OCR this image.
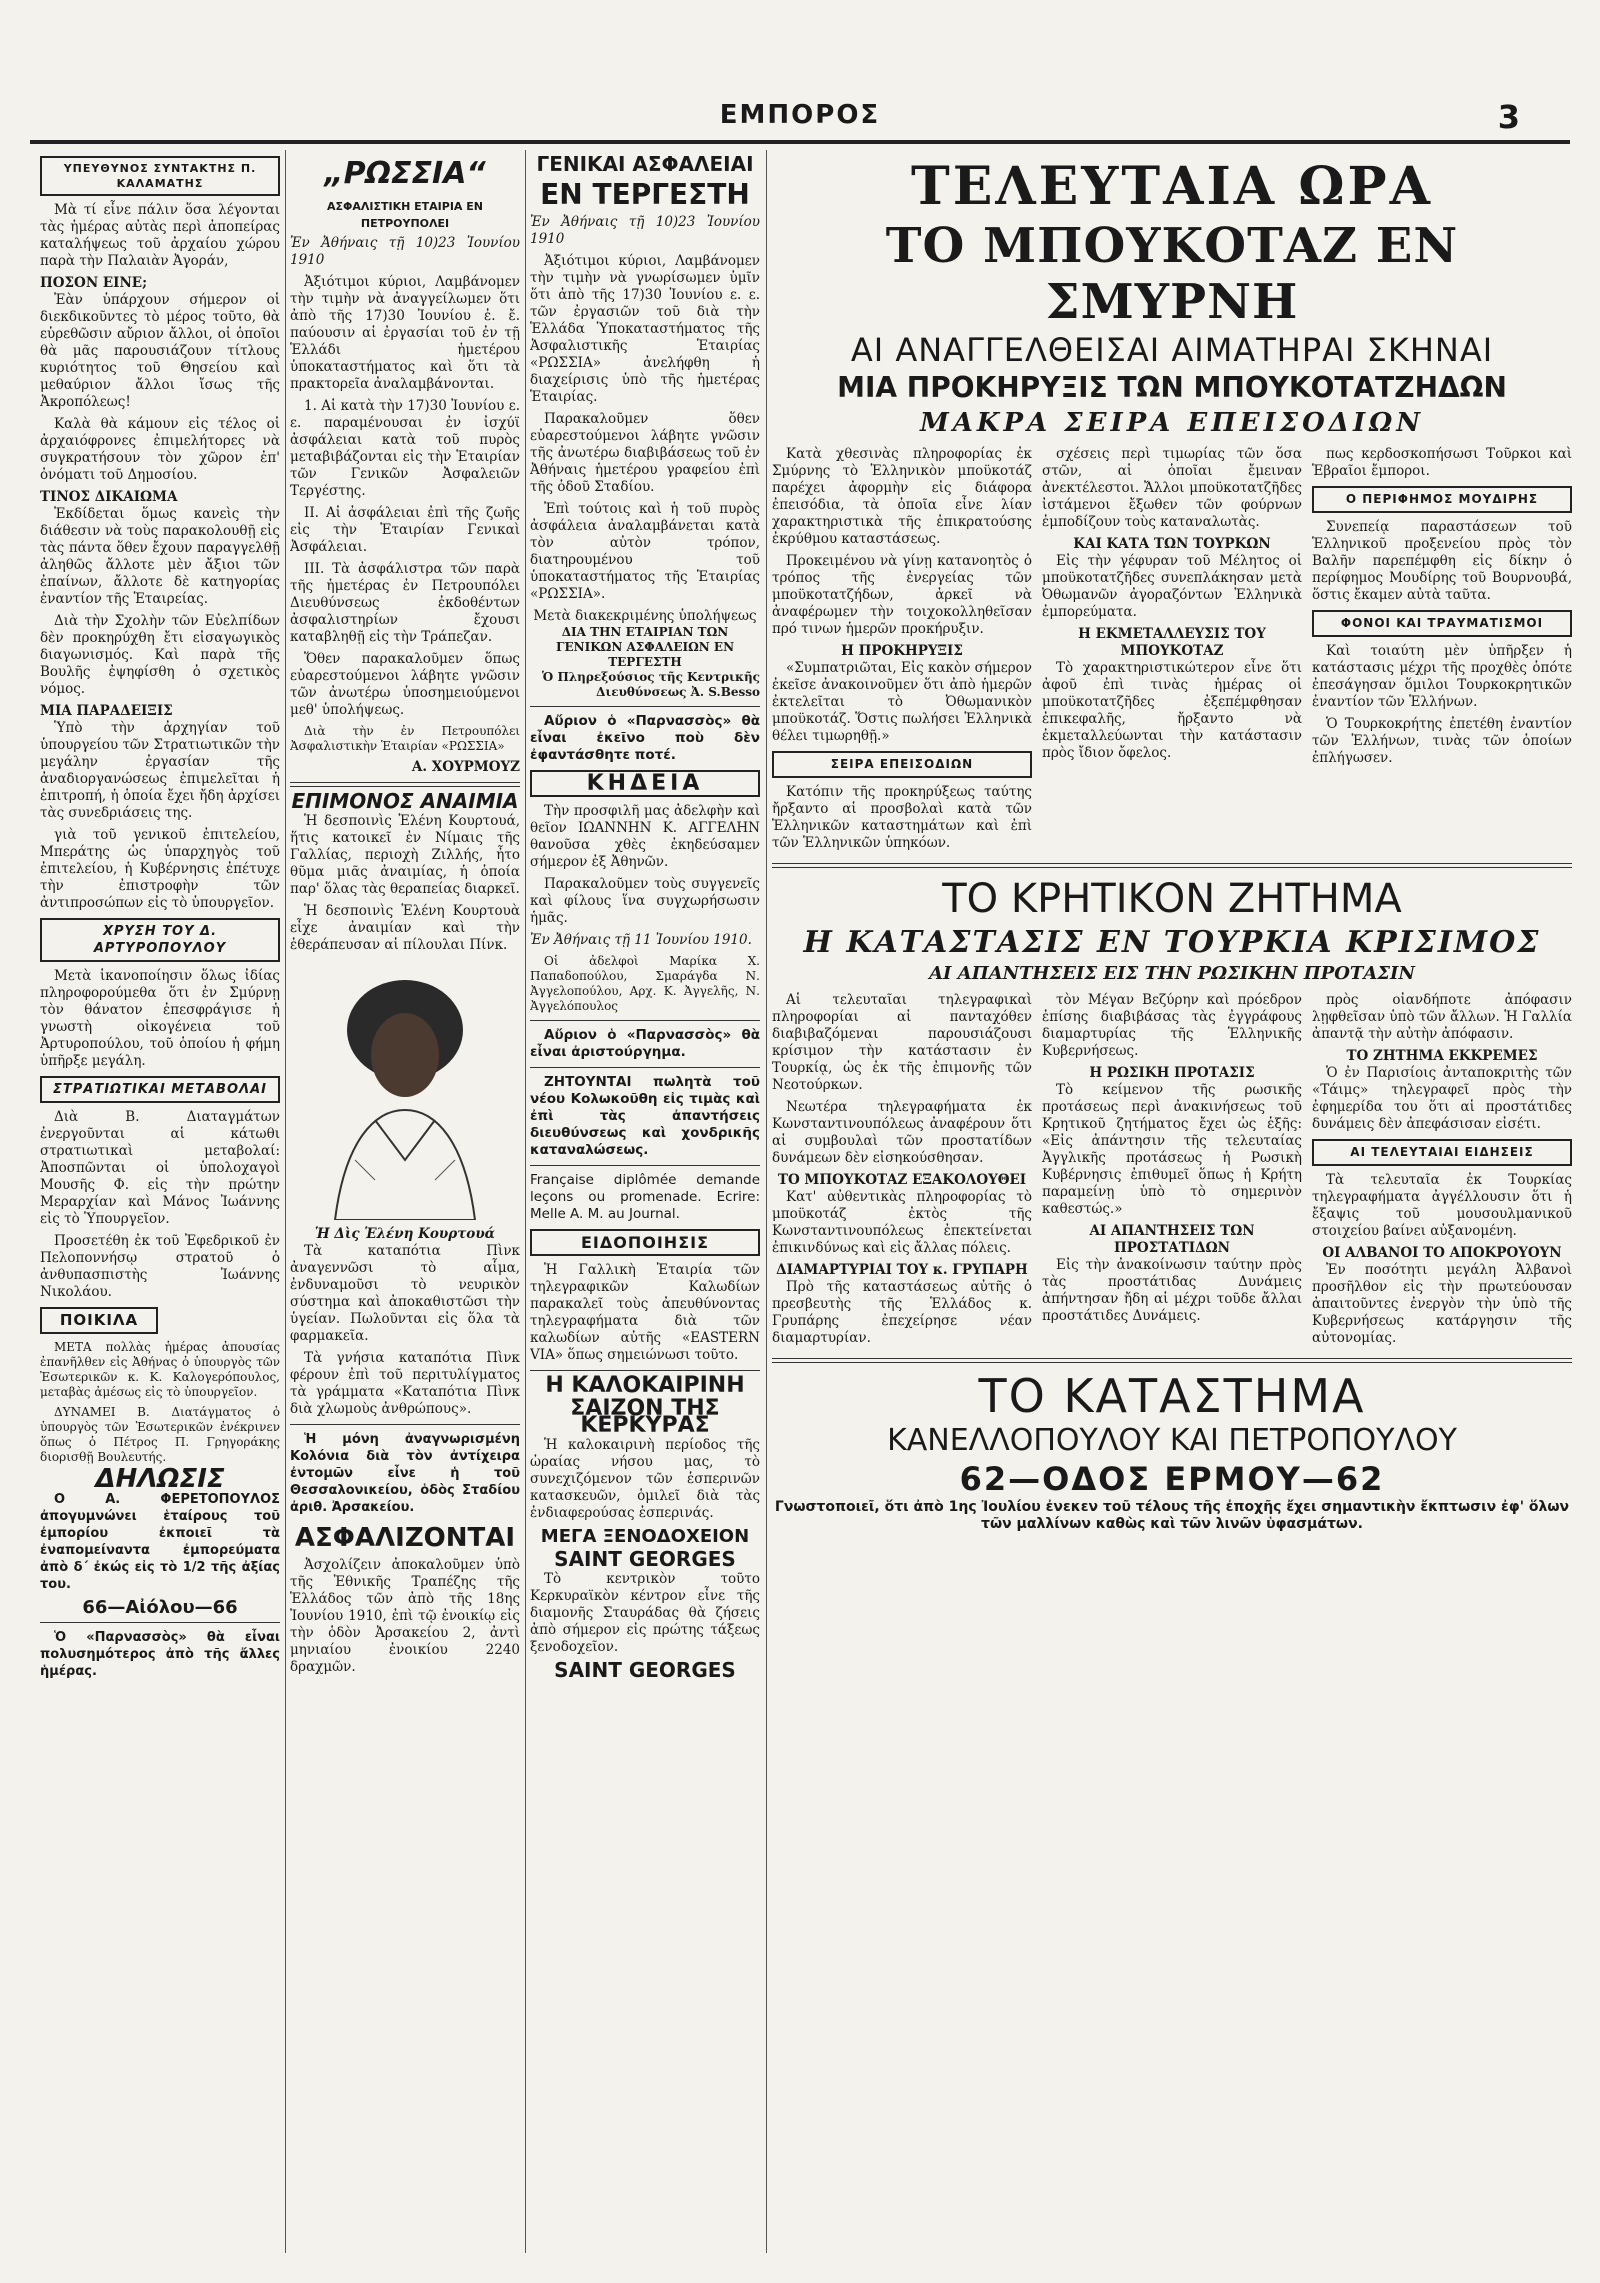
ΕΜΠΟΡΟΣ	3
ΥΠΕΥΘΥΝΟΣ ΣΥΝΤΑΚΤΗΣ Π. ΚΑΛΑΜΑΤΗΣ

Μὰ τί εἶνε πάλιν ὅσα λέγονται τὰς ἡμέρας αὐτὰς περὶ ἀποπείρας καταλήψεως τοῦ ἀρχαίου χώρου παρὰ τὴν Παλαιὰν Ἀγοράν,

ΠΟΣΟΝ ΕΙΝΕ;

Ἐὰν ὑπάρχουν σήμερον οἱ διεκδικοῦντες τὸ μέρος τοῦτο, θὰ εὑρεθῶσιν αὔριον ἄλλοι, οἱ ὁποῖοι θὰ μᾶς παρουσιάζουν τίτλους κυριότητος τοῦ Θησείου καὶ μεθαύριον ἄλλοι ἴσως τῆς Ἀκροπόλεως!

Καλὰ θὰ κάμουν εἰς τέλος οἱ ἀρχαιόφρονες ἐπιμελήτορες νὰ συγκρατήσουν τὸν χῶρον ἐπ' ὀνόματι τοῦ Δημοσίου.

ΤΙΝΟΣ ΔΙΚΑΙΩΜΑ

Ἐκδίδεται ὅμως κανεὶς τὴν διάθεσιν νὰ τοὺς παρακολουθῇ εἰς τὰς πάντα ὅθεν ἔχουν παραγγελθῇ ἀληθῶς ἄλλοτε μὲν ἄξιοι τῶν ἐπαίνων, ἄλλοτε δὲ κατηγορίας ἐναντίον τῆς Ἑταιρείας.

Διὰ τὴν Σχολὴν τῶν Εὐελπίδων δὲν προκηρύχθη ἔτι εἰσαγωγικὸς διαγωνισμός. Καὶ παρὰ τῆς Βουλῆς ἐψηφίσθη ὁ σχετικὸς νόμος.

ΜΙΑ ΠΑΡΑΔΕΙΞΙΣ

Ὑπὸ τὴν ἀρχηγίαν τοῦ ὑπουργείου τῶν Στρατιωτικῶν τὴν μεγάλην ἐργασίαν τῆς ἀναδιοργανώσεως ἐπιμελεῖται ἡ ἐπιτροπή, ἡ ὁποία ἔχει ἤδη ἀρχίσει τὰς συνεδριάσεις της.

γιὰ τοῦ γενικοῦ ἐπιτελείου, Μπεράτης ὡς ὑπαρχηγὸς τοῦ ἐπιτελείου, ἡ Κυβέρνησις ἐπέτυχε τὴν ἐπιστροφὴν τῶν ἀντιπροσώπων εἰς τὸ ὑπουργεῖον.

ΧΡΥΣΗ ΤΟΥ Δ. ΑΡΤΥΡΟΠΟΥΛΟΥ

Μετὰ ἱκανοποίησιν ὅλως ἰδίας πληροφορούμεθα ὅτι ἐν Σμύρνῃ τὸν θάνατον ἐπεσφράγισε ἡ γνωστὴ οἰκογένεια τοῦ Ἀρτυροπούλου, τοῦ ὁποίου ἡ φήμη ὑπῆρξε μεγάλη.

ΣΤΡΑΤΙΩΤΙΚΑΙ ΜΕΤΑΒΟΛΑΙ

Διὰ Β. Διαταγμάτων ἐνεργοῦνται αἱ κάτωθι στρατιωτικαὶ μεταβολαί: Ἀποσπῶνται οἱ ὑπολοχαγοὶ Μουσῆς Φ. εἰς τὴν πρώτην Μεραρχίαν καὶ Μάνος Ἰωάννης εἰς τὸ Ὑπουργεῖον.

Προσετέθη ἐκ τοῦ Ἐφεδρικοῦ ἐν Πελοποννήσῳ στρατοῦ ὁ ἀνθυπασπιστὴς Ἰωάννης Νικολάου.

ΠΟΙΚΙΛΑ

ΜΕΤΑ πολλὰς ἡμέρας ἀπουσίας ἐπανῆλθεν εἰς Ἀθήνας ὁ ὑπουργὸς τῶν Ἐσωτερικῶν κ. Κ. Καλογερόπουλος, μεταβὰς ἀμέσως εἰς τὸ ὑπουργεῖον.

ΔΥΝΑΜΕΙ Β. Διατάγματος ὁ ὑπουργὸς τῶν Ἐσωτερικῶν ἐνέκρινεν ὅπως ὁ Πέτρος Π. Γρηγοράκης διορισθῇ Βουλευτής.

ΔΗΛΩΣΙΣ

Ο Α. ΦΕΡΕΤΟΠΟΥΛΟΣ ἀπογυμνώνει ἑταίρους τοῦ ἐμπορίου ἐκποιεῖ τὰ ἐναπομείναντα ἐμπορεύματα ἀπὸ δ΄ ἐκώς εἰς τὸ 1/2 τῆς ἀξίας του.

66—Αἰόλου—66

Ὁ «Παρνασσὸς» θὰ εἶναι πολυσημότερος ἀπὸ τῆς ἄλλες ἡμέρας.

„ΡΩΣΣΙΑ“
ΑΣΦΑΛΙΣΤΙΚΗ ΕΤΑΙΡΙΑ ΕΝ ΠΕΤΡΟΥΠΟΛΕΙ

Ἐν Ἀθήναις τῇ 10)23 Ἰουνίου 1910

Ἀξιότιμοι κύριοι, Λαμβάνομεν τὴν τιμὴν νὰ ἀναγγείλωμεν ὅτι ἀπὸ τῆς 17)30 Ἰουνίου ἐ. ἔ. παύουσιν αἱ ἐργασίαι τοῦ ἐν τῇ Ἑλλάδι ἡμετέρου ὑποκαταστήματος καὶ ὅτι τὰ πρακτορεῖα ἀναλαμβάνονται.

1. Αἱ κατὰ τὴν 17)30 Ἰουνίου ε. ε. παραμένουσαι ἐν ἰσχύϊ ἀσφάλειαι κατὰ τοῦ πυρὸς μεταβιβάζονται εἰς τὴν Ἑταιρίαν τῶν Γενικῶν Ἀσφαλειῶν Τεργέστης.

II. Αἱ ἀσφάλειαι ἐπὶ τῆς ζωῆς εἰς τὴν Ἑταιρίαν Γενικαὶ Ἀσφάλειαι.

III. Τὰ ἀσφάλιστρα τῶν παρὰ τῆς ἡμετέρας ἐν Πετρουπόλει Διευθύνσεως ἐκδοθέντων ἀσφαλιστηρίων ἔχουσι καταβληθῇ εἰς τὴν Τράπεζαν.

Ὅθεν παρακαλοῦμεν ὅπως εὐαρεστούμενοι λάβητε γνῶσιν τῶν ἀνωτέρω ὑποσημειούμενοι μεθ' ὑπολήψεως.

Διὰ τὴν ἐν Πετρουπόλει Ἀσφαλιστικὴν Ἑταιρίαν «ΡΩΣΣΙΑ»

Α. ΧΟΥΡΜΟΥΖ
ΕΠΙΜΟΝΟΣ ΑΝΑΙΜΙΑ

Ἡ δεσποινὶς Ἑλένη Κουρτουά, ἥτις κατοικεῖ ἐν Νίμαις τῆς Γαλλίας, περιοχὴ Ζιλλής, ἦτο θῦμα μιᾶς ἀναιμίας, ἡ ὁποία παρ' ὅλας τὰς θεραπείας διαρκεῖ.

Ἡ δεσποινὶς Ἑλένη Κουρτουὰ εἶχε ἀναιμίαν καὶ τὴν ἐθεράπευσαν αἱ πίλουλαι Πίνκ.

Ἡ Δὶς Ἑλένη Κουρτουά

Τὰ καταπότια Πὶνκ ἀναγεννῶσι τὸ αἷμα, ἐνδυναμοῦσι τὸ νευρικὸν σύστημα καὶ ἀποκαθιστῶσι τὴν ὑγείαν. Πωλοῦνται εἰς ὅλα τὰ φαρμακεῖα.

Τὰ γνήσια καταπότια Πὶνκ φέρουν ἐπὶ τοῦ περιτυλίγματος τὰ γράμματα «Καταπότια Πὶνκ διὰ χλωμοὺς ἀνθρώπους».

Ἡ μόνη ἀναγνωρισμένη Κολόνια διὰ τὸν ἀντίχειρα ἐντομῶν εἶνε ἡ τοῦ Θεσσαλονικείου, ὁδὸς Σταδίου ἀριθ. Ἀρσακείου.

ΑΣΦΑΛΙΖΟΝΤΑΙ

Ἀσχολίζειν ἀποκαλοῦμεν ὑπὸ τῆς Ἐθνικῆς Τραπέζης τῆς Ἑλλάδος τῶν ἀπὸ τῆς 18ης Ἰουνίου 1910, ἐπὶ τῷ ἐνοικίῳ εἰς τὴν ὁδὸν Ἀρσακείου 2, ἀντὶ μηνιαίου ἐνοικίου 2240 δραχμῶν.

ΓΕΝΙΚΑΙ ΑΣΦΑΛΕΙΑΙ
ΕΝ ΤΕΡΓΕΣΤΗ

Ἐν Ἀθήναις τῇ 10)23 Ἰουνίου 1910

Ἀξιότιμοι κύριοι, Λαμβάνομεν τὴν τιμὴν νὰ γνωρίσωμεν ὑμῖν ὅτι ἀπὸ τῆς 17)30 Ἰουνίου ε. ε. τῶν ἐργασιῶν τοῦ διὰ τὴν Ἑλλάδα Ὑποκαταστήματος τῆς Ἀσφαλιστικῆς Ἑταιρίας «ΡΩΣΣΙΑ» ἀνελήφθη ἡ διαχείρισις ὑπὸ τῆς ἡμετέρας Ἑταιρίας.

Παρακαλοῦμεν ὅθεν εὐαρεστούμενοι λάβητε γνῶσιν τῆς ἀνωτέρω διαβιβάσεως τοῦ ἐν Ἀθήναις ἡμετέρου γραφείου ἐπὶ τῆς ὁδοῦ Σταδίου.

Ἐπὶ τούτοις καὶ ἡ τοῦ πυρὸς ἀσφάλεια ἀναλαμβάνεται κατὰ τὸν αὐτὸν τρόπον, διατηρουμένου τοῦ ὑποκαταστήματος τῆς Ἑταιρίας «ΡΩΣΣΙΑ».

Μετὰ διακεκριμένης ὑπολήψεως
ΔΙΑ ΤΗΝ ΕΤΑΙΡΙΑΝ ΤΩΝ ΓΕΝΙΚΩΝ ΑΣΦΑΛΕΙΩΝ ΕΝ ΤΕΡΓΕΣΤΗ
Ὁ Πληρεξούσιος τῆς Κεντρικῆς Διευθύνσεως Ἀ. S.Besso

Αὔριον ὁ «Παρνασσὸς» θὰ εἶναι ἐκεῖνο ποὺ δὲν ἐφαντάσθητε ποτέ.

ΚΗΔΕΙΑ

Τὴν προσφιλῆ μας ἀδελφὴν καὶ θεῖον ΙΩΑΝΝΗΝ Κ. ΑΓΓΕΛΗΝ θανοῦσα χθὲς ἐκηδεύσαμεν σήμερον ἐξ Ἀθηνῶν.

Παρακαλοῦμεν τοὺς συγγενεῖς καὶ φίλους ἵνα συγχωρήσωσιν ἡμᾶς.

Ἐν Ἀθήναις τῇ 11 Ἰουνίου 1910.

Οἱ ἀδελφοὶ Μαρίκα Χ. Παπαδοπούλου, Σμαράγδα Ν. Ἀγγελοπούλου, Αρχ. Κ. Ἀγγελῆς, Ν. Ἀγγελόπουλος

Αὔριον ὁ «Παρνασσὸς» θὰ εἶναι ἀριστούργημα.

ΖΗΤΟΥΝΤΑΙ πωλητὰ τοῦ νέου Κολωκοῦθη εἰς τιμὰς καὶ ἐπὶ τὰς ἀπαντήσεις διευθύνσεως καὶ χονδρικῆς καταναλώσεως.

Française diplômée demande leçons ou promenade. Ecrire: Melle A. M. au Journal.

ΕΙΔΟΠΟΙΗΣΙΣ

Ἡ Γαλλικὴ Ἑταιρία τῶν τηλεγραφικῶν Καλωδίων παρακαλεῖ τοὺς ἀπευθύνοντας τηλεγραφήματα διὰ τῶν καλωδίων αὐτῆς «EASTERN VIA» ὅπως σημειώνωσι τοῦτο.

Η ΚΑΛΟΚΑΙΡΙΝΗ
ΣΑΙΖΟΝ ΤΗΣ ΚΕΡΚΥΡΑΣ

Ἡ καλοκαιρινὴ περίοδος τῆς ὡραίας νήσου μας, τὸ συνεχιζόμενον τῶν ἑσπερινῶν κατασκευῶν, ὁμιλεῖ διὰ τὰς ἐνδιαφερούσας ἑσπερινάς.

ΜΕΓΑ ΞΕΝΟΔΟΧΕΙΟΝ
SAINT GEORGES

Τὸ κεντρικὸν τοῦτο Κερκυραϊκὸν κέντρον εἶνε τῆς διαμονῆς Σταυράδας θὰ ζήσεις ἀπὸ σήμερον εἰς πρώτης τάξεως ξενοδοχεῖον.

SAINT GEORGES
ΤΕΛΕΥΤΑΙΑ ΩΡΑ
ΤΟ ΜΠΟΥΚΟΤΑΖ ΕΝ ΣΜΥΡΝΗ
ΑΙ ΑΝΑΓΓΕΛΘΕΙΣΑΙ ΑΙΜΑΤΗΡΑΙ ΣΚΗΝΑΙ
ΜΙΑ ΠΡΟΚΗΡΥΞΙΣ ΤΩΝ ΜΠΟΥΚΟΤΑΤΖΗΔΩΝ
ΜΑΚΡΑ ΣΕΙΡΑ ΕΠΕΙΣΟΔΙΩΝ

Κατὰ χθεσινὰς πληροφορίας ἐκ Σμύρνης τὸ Ἑλληνικὸν μποϋκοτάζ παρέχει ἀφορμὴν εἰς διάφορα ἐπεισόδια, τὰ ὁποῖα εἶνε λίαν χαρακτηριστικὰ τῆς ἐπικρατούσης ἐκρύθμου καταστάσεως.

Προκειμένου νὰ γίνῃ κατανοητὸς ὁ τρόπος τῆς ἐνεργείας τῶν μποϋκοτατζήδων, ἀρκεῖ νὰ ἀναφέρωμεν τὴν τοιχοκολληθεῖσαν πρό τινων ἡμερῶν προκήρυξιν.

Η ΠΡΟΚΗΡΥΞΙΣ

«Συμπατριῶται, Εἰς κακὸν σήμερον ἐκεῖσε ἀνακοινοῦμεν ὅτι ἀπὸ ἡμερῶν ἐκτελεῖται τὸ Ὀθωμανικὸν μποϋκοτάζ. Ὅστις πωλήσει Ἑλληνικὰ θέλει τιμωρηθῇ.»

ΣΕΙΡΑ ΕΠΕΙΣΟΔΙΩΝ

Κατόπιν τῆς προκηρύξεως ταύτης ἤρξαντο αἱ προσβολαὶ κατὰ τῶν Ἑλληνικῶν καταστημάτων καὶ ἐπὶ τῶν Ἑλληνικῶν ὑπηκόων.

σχέσεις περὶ τιμωρίας τῶν ὅσα στῶν, αἱ ὁποῖαι ἔμειναν ἀνεκτέλεστοι. Ἄλλοι μποϋκοτατζῆδες ἰστάμενοι ἔξωθεν τῶν φούρνων ἐμποδίζουν τοὺς καταναλωτὰς.

ΚΑΙ ΚΑΤΑ ΤΩΝ ΤΟΥΡΚΩΝ

Εἰς τὴν γέφυραν τοῦ Μέλητος οἱ μποϋκοτατζῆδες συνεπλάκησαν μετὰ Ὀθωμανῶν ἀγοραζόντων Ἑλληνικὰ ἐμπορεύματα.

Η ΕΚΜΕΤΑΛΛΕΥΣΙΣ ΤΟΥ ΜΠΟΥΚΟΤΑΖ

Τὸ χαρακτηριστικώτερον εἶνε ὅτι ἀφοῦ ἐπὶ τινὰς ἡμέρας οἱ μποϋκοτατζῆδες ἐξεπέμφθησαν ἐπικεφαλῆς, ἤρξαντο νὰ ἐκμεταλλεύωνται τὴν κατάστασιν πρὸς ἴδιον ὄφελος.

πως κερδοσκοπήσωσι Τοῦρκοι καὶ Ἑβραῖοι ἔμποροι.

Ο ΠΕΡΙΦΗΜΟΣ ΜΟΥΔΙΡΗΣ

Συνεπείᾳ παραστάσεων τοῦ Ἑλληνικοῦ προξενείου πρὸς τὸν Βαλῆν παρεπέμφθη εἰς δίκην ὁ περίφημος Μουδίρης τοῦ Βουρνουβά, ὅστις ἔκαμεν αὐτὰ ταῦτα.

ΦΟΝΟΙ ΚΑΙ ΤΡΑΥΜΑΤΙΣΜΟΙ

Καὶ τοιαύτη μὲν ὑπῆρξεν ἡ κατάστασις μέχρι τῆς προχθὲς ὁπότε ἐπεσάγησαν ὅμιλοι Τουρκοκρητικῶν ἐναντίον τῶν Ἑλλήνων.

Ὁ Τουρκοκρήτης ἐπετέθη ἐναντίον τῶν Ἑλλήνων, τινὰς τῶν ὁποίων ἐπλήγωσεν.

ΤΟ ΚΡΗΤΙΚΟΝ ΖΗΤΗΜΑ
Η ΚΑΤΑΣΤΑΣΙΣ ΕΝ ΤΟΥΡΚΙΑ ΚΡΙΣΙΜΟΣ
ΑΙ ΑΠΑΝΤΗΣΕΙΣ ΕΙΣ ΤΗΝ ΡΩΣΙΚΗΝ ΠΡΟΤΑΣΙΝ

Αἱ τελευταῖαι τηλεγραφικαὶ πληροφορίαι αἱ πανταχόθεν διαβιβαζόμεναι παρουσιάζουσι κρίσιμον τὴν κατάστασιν ἐν Τουρκίᾳ, ὡς ἐκ τῆς ἐπιμονῆς τῶν Νεοτούρκων.

Νεωτέρα τηλεγραφήματα ἐκ Κωνσταντινουπόλεως ἀναφέρουν ὅτι αἱ συμβουλαὶ τῶν προστατίδων δυνάμεων δὲν εἰσηκούσθησαν.

ΤΟ ΜΠΟΥΚΟΤΑΖ ΕΞΑΚΟΛΟΥΘΕΙ

Κατ' αὐθεντικὰς πληροφορίας τὸ μποϋκοτάζ ἐκτὸς τῆς Κωνσταντινουπόλεως ἐπεκτείνεται ἐπικινδύνως καὶ εἰς ἄλλας πόλεις.

ΔΙΑΜΑΡΤΥΡΙΑΙ ΤΟΥ κ. ΓΡΥΠΑΡΗ

Πρὸ τῆς καταστάσεως αὐτῆς ὁ πρεσβευτὴς τῆς Ἑλλάδος κ. Γρυπάρης ἐπεχείρησε νέαν διαμαρτυρίαν.

τὸν Μέγαν Βεζύρην καὶ πρόεδρον ἐπίσης διαβιβάσας τὰς ἐγγράφους διαμαρτυρίας τῆς Ἑλληνικῆς Κυβερνήσεως.

Η ΡΩΣΙΚΗ ΠΡΟΤΑΣΙΣ

Τὸ κείμενον τῆς ρωσικῆς προτάσεως περὶ ἀνακινήσεως τοῦ Κρητικοῦ ζητήματος ἔχει ὡς ἑξῆς: «Εἰς ἀπάντησιν τῆς τελευταίας Ἀγγλικῆς προτάσεως ἡ Ρωσικὴ Κυβέρνησις ἐπιθυμεῖ ὅπως ἡ Κρήτη παραμείνῃ ὑπὸ τὸ σημερινὸν καθεστώς.»

ΑΙ ΑΠΑΝΤΗΣΕΙΣ ΤΩΝ ΠΡΟΣΤΑΤΙΔΩΝ

Εἰς τὴν ἀνακοίνωσιν ταύτην πρὸς τὰς προστάτιδας Δυνάμεις ἀπήντησαν ἤδη αἱ μέχρι τοῦδε ἄλλαι προστάτιδες Δυνάμεις.

πρὸς οἰανδήποτε ἀπόφασιν λῃφθεῖσαν ὑπὸ τῶν ἄλλων. Ἡ Γαλλία ἀπαντᾷ τὴν αὐτὴν ἀπόφασιν.

ΤΟ ΖΗΤΗΜΑ ΕΚΚΡΕΜΕΣ

Ὁ ἐν Παρισίοις ἀνταποκριτὴς τῶν «Τάιμς» τηλεγραφεῖ πρὸς τὴν ἐφημερίδα του ὅτι αἱ προστάτιδες δυνάμεις δὲν ἀπεφάσισαν εἰσέτι.

ΑΙ ΤΕΛΕΥΤΑΙΑΙ ΕΙΔΗΣΕΙΣ

Τὰ τελευταῖα ἐκ Τουρκίας τηλεγραφήματα ἀγγέλλουσιν ὅτι ἡ ἔξαψις τοῦ μουσουλμανικοῦ στοιχείου βαίνει αὐξανομένη.

ΟΙ ΑΛΒΑΝΟΙ ΤΟ ΑΠΟΚΡΟΥΟΥΝ

Ἐν ποσότητι μεγάλη Ἀλβανοὶ προσῆλθον εἰς τὴν πρωτεύουσαν ἀπαιτοῦντες ἐνεργὸν τὴν ὑπὸ τῆς Κυβερνήσεως κατάργησιν τῆς αὐτονομίας.

ΤΟ ΚΑΤΑΣΤΗΜΑ
ΚΑΝΕΛΛΟΠΟΥΛΟΥ ΚΑΙ ΠΕΤΡΟΠΟΥΛΟΥ
62—ΟΔΟΣ ΕΡΜΟΥ—62

Γνωστοποιεῖ, ὅτι ἀπὸ 1ης Ἰουλίου ἐνεκεν τοῦ τέλους τῆς ἐποχῆς ἔχει σημαντικὴν ἔκπτωσιν ἐφ' ὅλων τῶν μαλλίνων καθὼς καὶ τῶν λινῶν ὑφασμάτων.
